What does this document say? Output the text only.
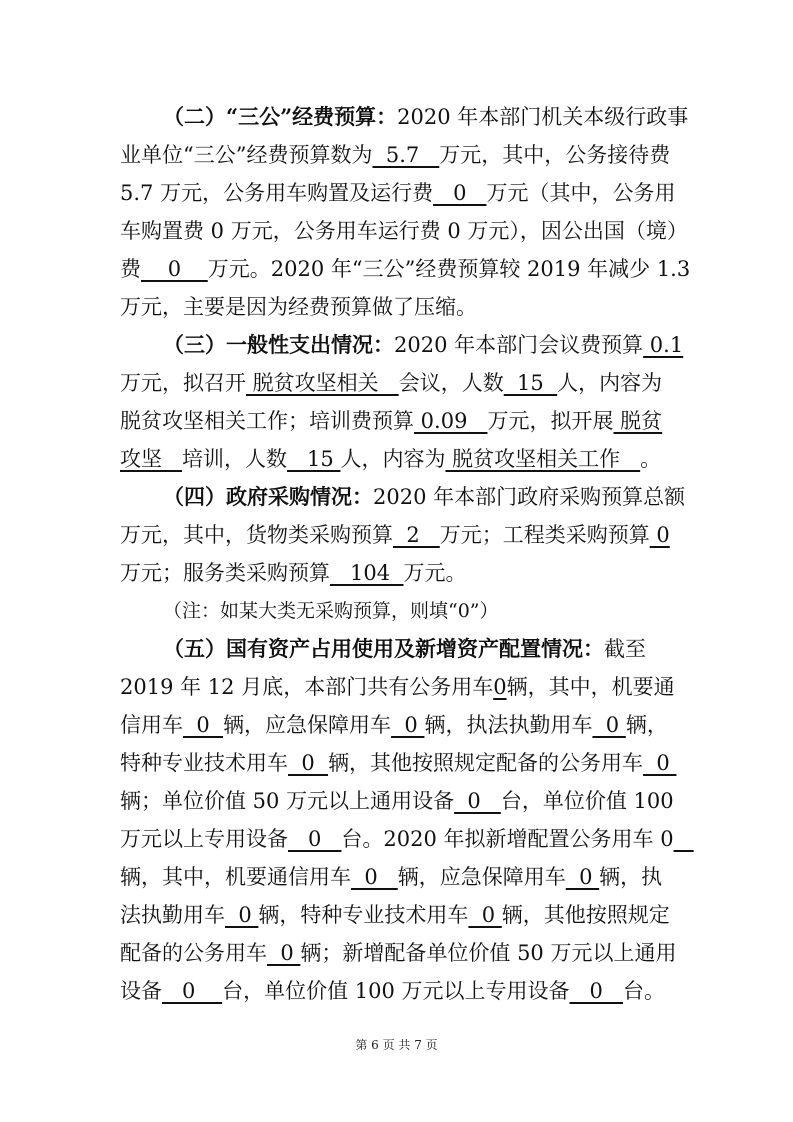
（二）“三公”经费预算：2020 年本部门机关本级行政事
业单位“三公”经费预算数为  5.7   万元，其中，公务接待费
5.7 万元，公务用车购置及运行费   0   万元（其中，公务用
车购置费 0 万元，公务用车运行费 0 万元），因公出国（境）
费    0    万元。2020 年“三公”经费预算较 2019 年减少 1.3
万元，主要是因为经费预算做了压缩。
（三）一般性支出情况：2020 年本部门会议费预算 0.1
万元，拟召开 脱贫攻坚相关   会议，人数  15  人，内容为
脱贫攻坚相关工作；培训费预算 0.09   万元，拟开展 脱贫
攻坚   培训，人数   15 人，内容为 脱贫攻坚相关工作   。
（四）政府采购情况：2020 年本部门政府采购预算总额
万元，其中，货物类采购预算  2   万元；工程类采购预算 0
万元；服务类采购预算   104  万元。
（注：如某大类无采购预算，则填“0”）
（五）国有资产占用使用及新增资产配置情况：截至
2019 年 12 月底，本部门共有公务用车0辆，其中，机要通
信用车  0  辆，应急保障用车  0 辆，执法执勤用车  0 辆，
特种专业技术用车  0  辆，其他按照规定配备的公务用车  0
辆；单位价值 50 万元以上通用设备  0   台，单位价值 100
万元以上专用设备   0   台。2020 年拟新增配置公务用车 0
辆，其中，机要通信用车  0   辆，应急保障用车  0 辆，执
法执勤用车  0 辆，特种专业技术用车  0 辆，其他按照规定
配备的公务用车  0 辆；新增配备单位价值 50 万元以上通用
设备   0    台，单位价值 100 万元以上专用设备   0   台。
第 6 页 共 7 页
